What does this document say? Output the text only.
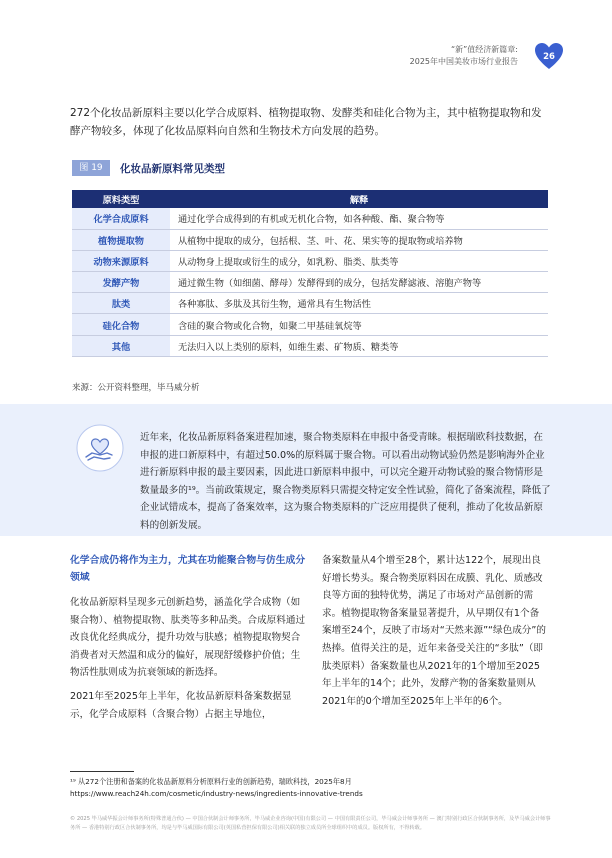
“新”值经济新篇章:
2025年中国美妆市场行业报告	26
272个化妆品新原料主要以化学合成原料、植物提取物、发酵类和硅化合物为主，其中植物提取物和发酵产物较多，体现了化妆品原料向自然和生物技术方向发展的趋势。
图 19	化妆品新原料常见类型
原料类型	解释
化学合成原料	通过化学合成得到的有机或无机化合物，如各种酸、酯、聚合物等
植物提取物	从植物中提取的成分，包括根、茎、叶、花、果实等的提取物或培养物
动物来源原料	从动物身上提取或衍生的成分，如乳粉、脂类、肽类等
发酵产物	通过微生物（如细菌、酵母）发酵得到的成分，包括发酵滤液、溶胞产物等
肽类	各种寡肽、多肽及其衍生物，通常具有生物活性
硅化合物	含硅的聚合物或化合物，如聚二甲基硅氧烷等
其他	无法归入以上类别的原料，如维生素、矿物质、糖类等
来源：公开资料整理，毕马威分析
近年来，化妆品新原料备案进程加速，聚合物类原料在申报中备受青睐。根据瑞欧科技数据，在申报的进口新原料中，有超过50.0%的原料属于聚合物。可以看出动物试验仍然是影响海外企业进行新原料申报的最主要因素，因此进口新原料申报中，可以完全避开动物试验的聚合物情形是数量最多的¹⁹。当前政策规定，聚合物类原料只需提交特定安全性试验，简化了备案流程，降低了企业试错成本，提高了备案效率，这为聚合物类原料的广泛应用提供了便利，推动了化妆品新原料的创新发展。
化学合成仍将作为主力，尤其在功能聚合物与仿生成分领域
化妆品新原料呈现多元创新趋势，涵盖化学合成物（如聚合物）、植物提取物、肽类等多种品类。合成原料通过改良优化经典成分，提升功效与肤感；植物提取物契合消费者对天然温和成分的偏好，展现舒缓修护价值；生物活性肽则成为抗衰领域的新选择。
2021年至2025年上半年，化妆品新原料备案数据显示，化学合成原料（含聚合物）占据主导地位，
备案数量从4个增至28个，累计达122个，展现出良好增长势头。聚合物类原料因在成膜、乳化、质感改良等方面的独特优势，满足了市场对产品创新的需求。植物提取物备案量显著提升，从早期仅有1个备案增至24个，反映了市场对“天然来源”“绿色成分”的热捧。值得关注的是，近年来备受关注的“多肽”（即肽类原料）备案数量也从2021年的1个增加至2025年上半年的14个；此外，发酵产物的备案数量则从2021年的0个增加至2025年上半年的6个。
¹⁹ 从272个注册和备案的化妆品新原料分析原料行业的创新趋势，瑞欧科技，2025年8月
https://www.reach24h.com/cosmetic/industry-news/ingredients-innovative-trends
© 2025 毕马威华振会计师事务所(特殊普通合伙) — 中国合伙制会计师事务所，毕马威企业咨询(中国)有限公司 — 中国有限责任公司，毕马威会计师事务所 — 澳门特别行政区合伙制事务所，及毕马威会计师事务所 — 香港特别行政区合伙制事务所，均是与毕马威国际有限公司(英国私营担保有限公司)相关联的独立成员所全球组织中的成员。版权所有，不得转载。
